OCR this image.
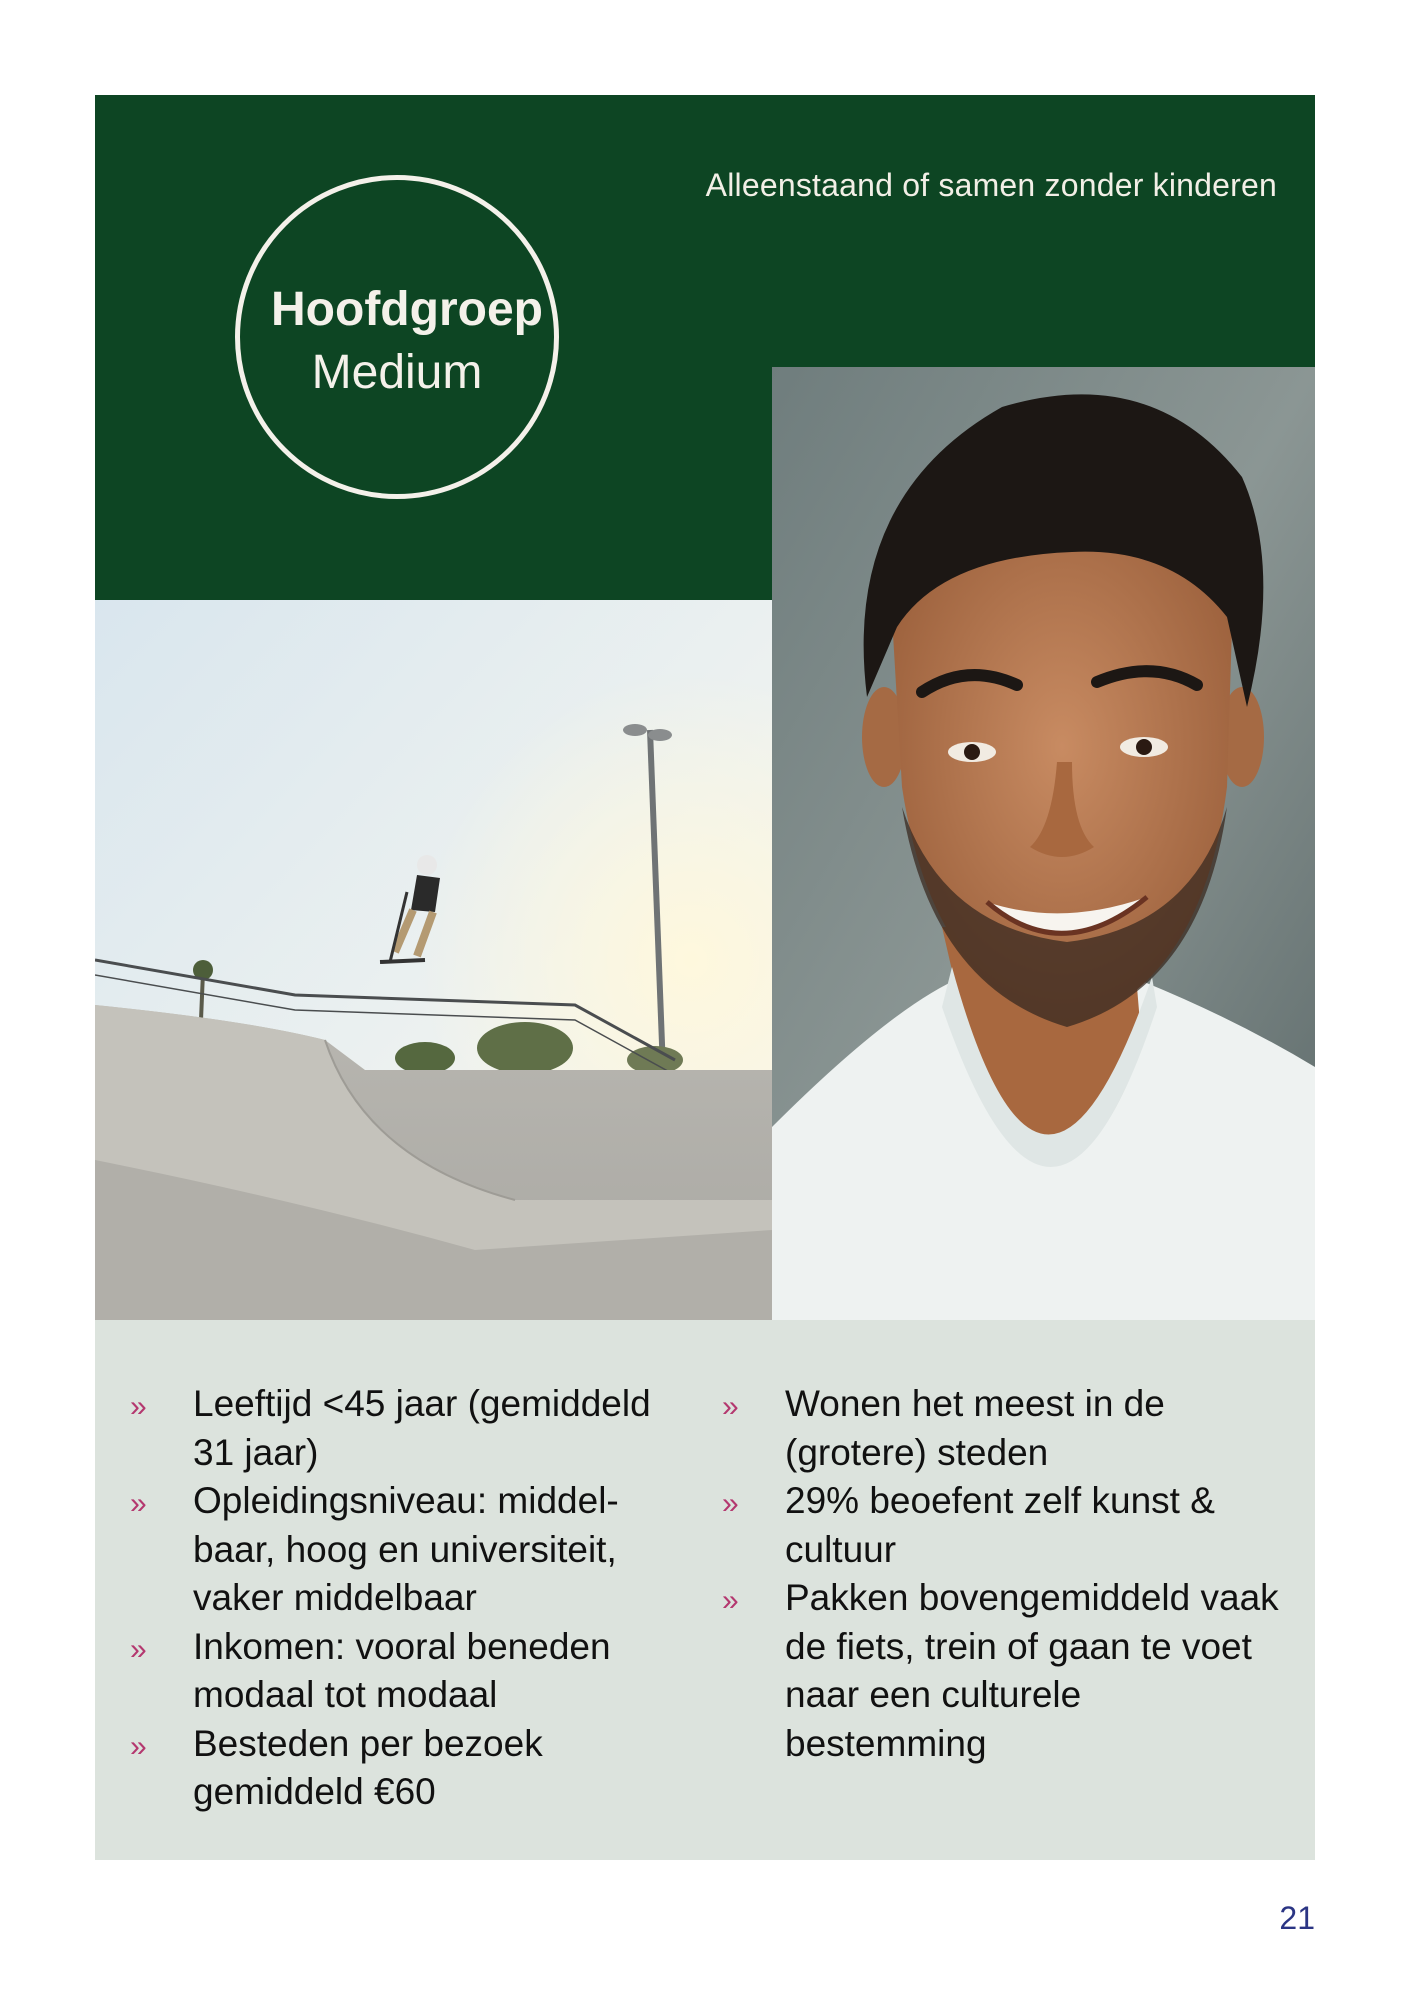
Alleenstaand of samen zonder kinderen
Hoofdgroep
Medium
» Leeftijd <45 jaar (gemiddeld 31 jaar)
» Opleidingsniveau: middel-baar, hoog en universiteit, vaker middelbaar
» Inkomen: vooral beneden modaal tot modaal
» Besteden per bezoek gemiddeld €60
» Wonen het meest in de (grotere) steden
» 29% beoefent zelf kunst & cultuur
» Pakken bovengemiddeld vaak de fiets, trein of gaan te voet naar een culturele bestemming
21
